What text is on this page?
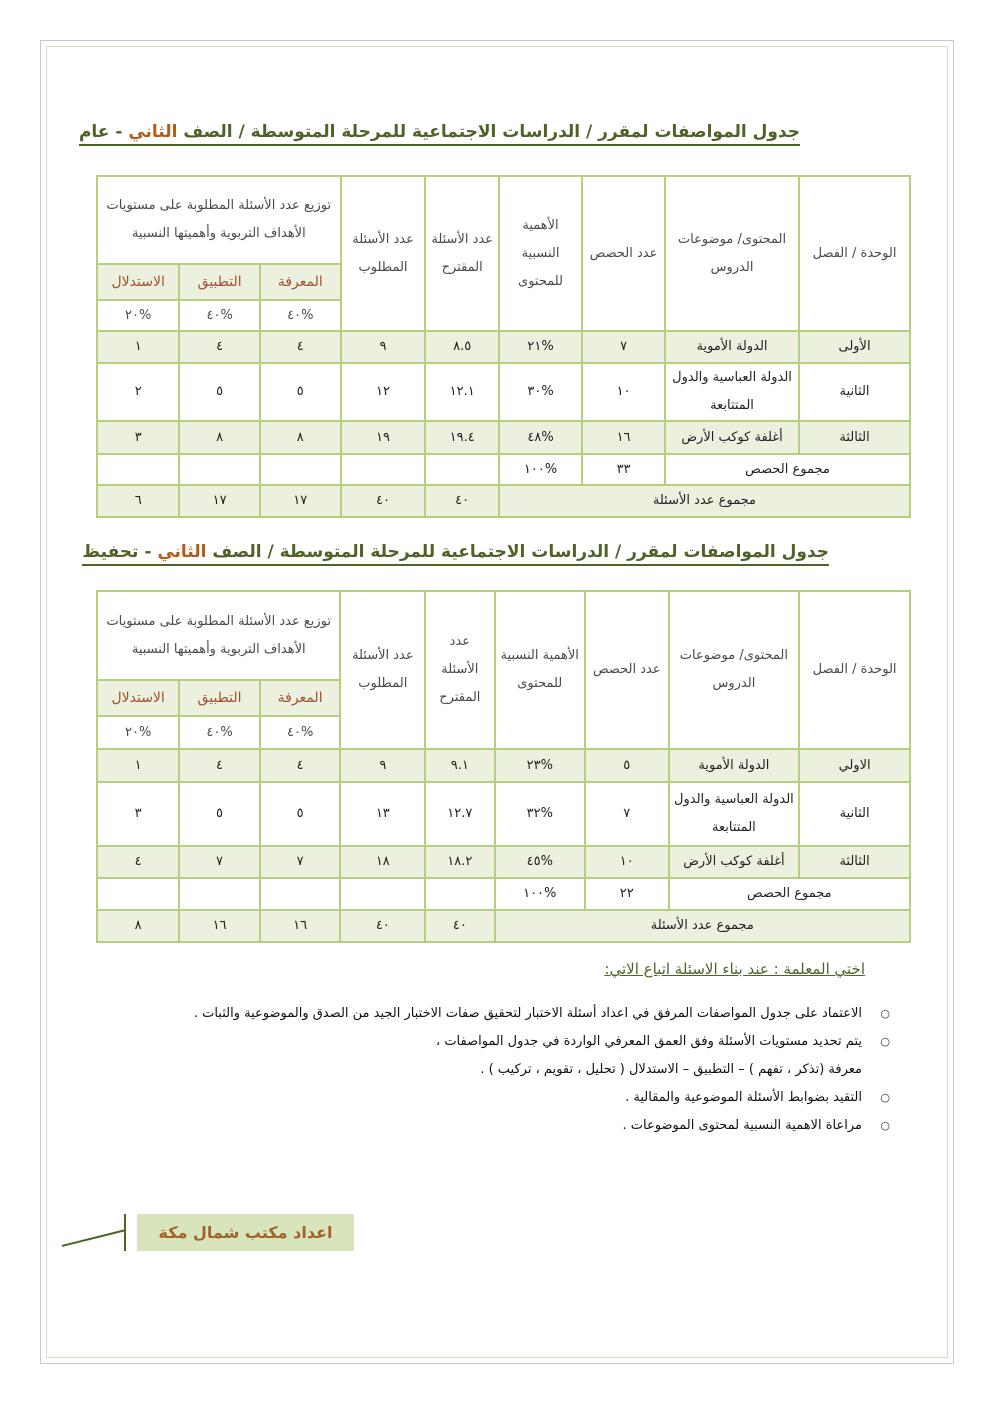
جدول المواصفات لمقرر / الدراسات الاجتماعية للمرحلة المتوسطة / الصف الثاني - عام
الوحدة / الفصل	المحتوى/ موضوعات الدروس	عدد الحصص	الأهمية النسبية للمحتوى	عدد الأسئلة المقترح	عدد الأسئلة المطلوب	توزيع عدد الأسئلة المطلوبة على مستويات الأهداف التربوية وأهميتها النسبية		
						المعرفة	التطبيق	الاستدلال
						%٤٠	%٤٠	%٢٠
الأولى	الدولة الأموية	٧	%٢١	٨.٥	٩	٤	٤	١
الثانية	الدولة العباسية والدول المتتابعة	١٠	%٣٠	١٢.١	١٢	٥	٥	٢
الثالثة	أغلفة كوكب الأرض	١٦	%٤٨	١٩.٤	١٩	٨	٨	٣
مجموع الحصص		٣٣	%١٠٠					
مجموع عدد الأسئلة				٤٠	٤٠	١٧	١٧	٦
جدول المواصفات لمقرر / الدراسات الاجتماعية للمرحلة المتوسطة / الصف الثاني - تحفيظ
الوحدة / الفصل	المحتوى/ موضوعات الدروس	عدد الحصص	الأهمية النسبية للمحتوى	عدد الأسئلة المقترح	عدد الأسئلة المطلوب	توزيع عدد الأسئلة المطلوبة على مستويات الأهداف التربوية وأهميتها النسبية		
						المعرفة	التطبيق	الاستدلال
						%٤٠	%٤٠	%٢٠
الاولي	الدولة الأموية	٥	%٢٣	٩.١	٩	٤	٤	١
الثانية	الدولة العباسية والدول المتتابعة	٧	%٣٢	١٢.٧	١٣	٥	٥	٣
الثالثة	أغلفة كوكب الأرض	١٠	%٤٥	١٨.٢	١٨	٧	٧	٤
مجموع الحصص		٢٢	%١٠٠					
مجموع عدد الأسئلة				٤٠	٤٠	١٦	١٦	٨
اختي المعلمة : عند بناء الاسئلة اتباع الاتي:
○
الاعتماد على جدول المواصفات المرفق في اعداد أسئلة الاختبار لتحقيق صفات الاختبار الجيد من الصدق والموضوعية والثبات .
○
يتم تحديد مستويات الأسئلة وفق العمق المعرفي الواردة في جدول المواصفات ،
معرفة (تذكر ، تفهم ) – التطبيق – الاستدلال ( تحليل ، تقويم ، تركيب ) .
○
التقيد بضوابط الأسئلة الموضوعية والمقالية .
○
مراعاة الاهمية النسبية لمحتوى الموضوعات .
اعداد مكتب شمال مكة
